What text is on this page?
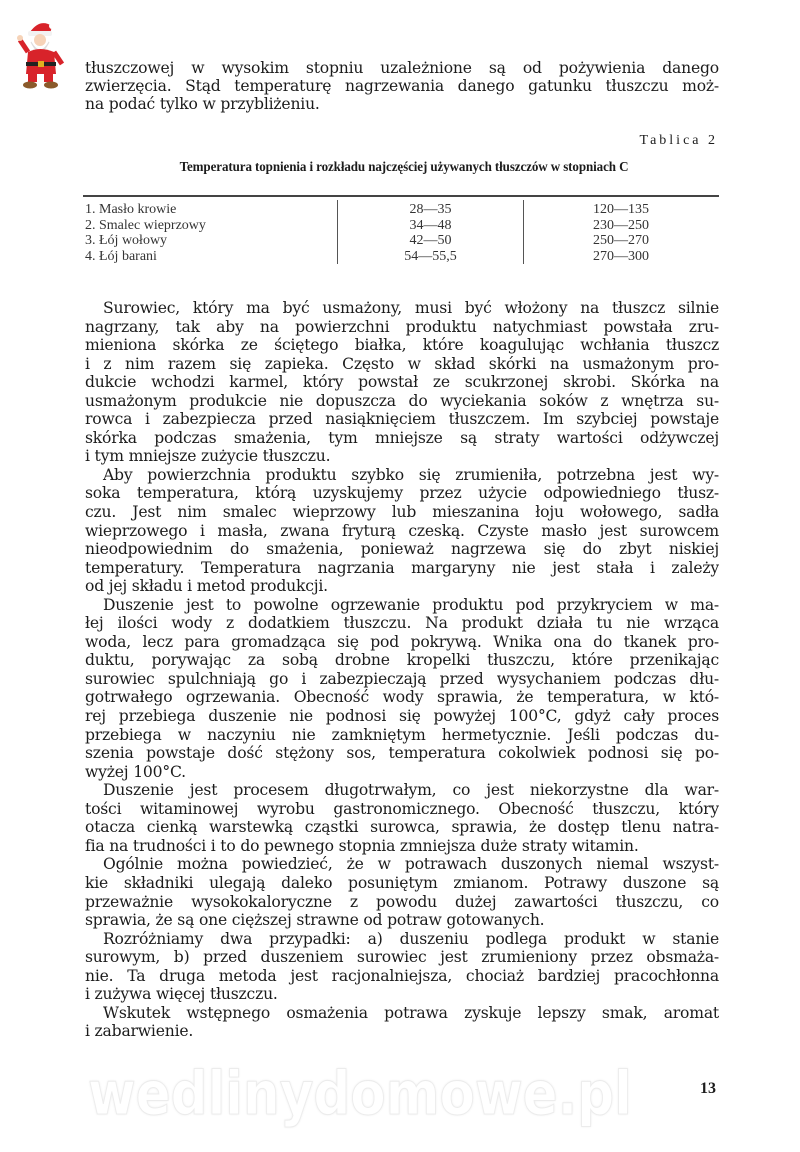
tłuszczowej w wysokim stopniu uzależnione są od pożywienia danego
zwierzęcia. Stąd temperaturę nagrzewania danego gatunku tłuszczu moż-
na podać tylko w przybliżeniu.
Tablica 2
Temperatura topnienia i rozkładu najczęściej używanych tłuszczów w stopniach C
1. Masło krowie	28—35	120—135
2. Smalec wieprzowy	34—48	230—250
3. Łój wołowy	42—50	250—270
4. Łój barani	54—55,5	270—300
Surowiec, który ma być usmażony, musi być włożony na tłuszcz silnie
nagrzany, tak aby na powierzchni produktu natychmiast powstała zru-
mieniona skórka ze ściętego białka, które koagulując wchłania tłuszcz
i z nim razem się zapieka. Często w skład skórki na usmażonym pro-
dukcie wchodzi karmel, który powstał ze scukrzonej skrobi. Skórka na
usmażonym produkcie nie dopuszcza do wyciekania soków z wnętrza su-
rowca i zabezpiecza przed nasiąknięciem tłuszczem. Im szybciej powstaje
skórka podczas smażenia, tym mniejsze są straty wartości odżywczej
i tym mniejsze zużycie tłuszczu.
Aby powierzchnia produktu szybko się zrumieniła, potrzebna jest wy-
soka temperatura, którą uzyskujemy przez użycie odpowiedniego tłusz-
czu. Jest nim smalec wieprzowy lub mieszanina łoju wołowego, sadła
wieprzowego i masła, zwana fryturą czeską. Czyste masło jest surowcem
nieodpowiednim do smażenia, ponieważ nagrzewa się do zbyt niskiej
temperatury. Temperatura nagrzania margaryny nie jest stała i zależy
od jej składu i metod produkcji.
Duszenie jest to powolne ogrzewanie produktu pod przykryciem w ma-
łej ilości wody z dodatkiem tłuszczu. Na produkt działa tu nie wrząca
woda, lecz para gromadząca się pod pokrywą. Wnika ona do tkanek pro-
duktu, porywając za sobą drobne kropelki tłuszczu, które przenikając
surowiec spulchniają go i zabezpieczają przed wysychaniem podczas dłu-
gotrwałego ogrzewania. Obecność wody sprawia, że temperatura, w któ-
rej przebiega duszenie nie podnosi się powyżej 100°C, gdyż cały proces
przebiega w naczyniu nie zamkniętym hermetycznie. Jeśli podczas du-
szenia powstaje dość stężony sos, temperatura cokolwiek podnosi się po-
wyżej 100°C.
Duszenie jest procesem długotrwałym, co jest niekorzystne dla war-
tości witaminowej wyrobu gastronomicznego. Obecność tłuszczu, który
otacza cienką warstewką cząstki surowca, sprawia, że dostęp tlenu natra-
fia na trudności i to do pewnego stopnia zmniejsza duże straty witamin.
Ogólnie można powiedzieć, że w potrawach duszonych niemal wszyst-
kie składniki ulegają daleko posuniętym zmianom. Potrawy duszone są
przeważnie wysokokaloryczne z powodu dużej zawartości tłuszczu, co
sprawia, że są one cięższej strawne od potraw gotowanych.
Rozróżniamy dwa przypadki: a) duszeniu podlega produkt w stanie
surowym, b) przed duszeniem surowiec jest zrumieniony przez obsmaża-
nie. Ta druga metoda jest racjonalniejsza, chociaż bardziej pracochłonna
i zużywa więcej tłuszczu.
Wskutek wstępnego osmażenia potrawa zyskuje lepszy smak, aromat
i zabarwienie.
wedlinydomowe.pl	13
